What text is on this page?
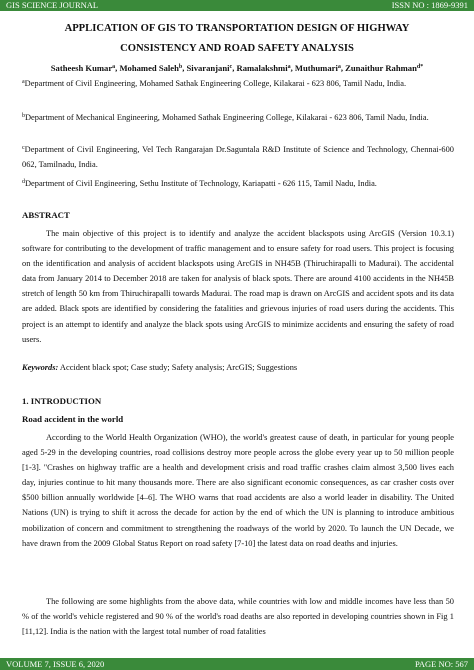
GIS SCIENCE JOURNAL	ISSN NO : 1869-9391
APPLICATION OF GIS TO TRANSPORTATION DESIGN OF HIGHWAY
CONSISTENCY AND ROAD SAFETY ANALYSIS
Satheesh Kumar$^a$, Mohamed Saleh$^b$, Sivaranjani$^c$, Ramalakshmi$^a$, Muthumari$^a$, Zunaithur Rahman$^{d*}$
$^a$Department of Civil Engineering, Mohamed Sathak Engineering College, Kilakarai - 623 806, Tamil Nadu, India.
$^b$Department of Mechanical Engineering, Mohamed Sathak Engineering College, Kilakarai - 623 806, Tamil Nadu, India.
$^c$Department of Civil Engineering, Vel Tech Rangarajan Dr.Saguntala R&D Institute of Science and Technology, Chennai-600 062, Tamilnadu, India.
$^d$Department of Civil Engineering, Sethu Institute of Technology, Kariapatti - 626 115, Tamil Nadu, India.
ABSTRACT
The main objective of this project is to identify and analyze the accident blackspots using ArcGIS (Version 10.3.1) software for contributing to the development of traffic management and to ensure safety for road users. This project is focusing on the identification and analysis of accident blackspots using ArcGIS in NH45B (Thiruchirapalli to Madurai). The accidental data from January 2014 to December 2018 are taken for analysis of black spots. There are around 4100 accidents in the NH45B stretch of length 50 km from Thiruchirapalli towards Madurai. The road map is drawn on ArcGIS and accident spots and its data are added. Black spots are identified by considering the fatalities and grievous injuries of road users during the accidents. This project is an attempt to identify and analyze the black spots using ArcGIS to minimize accidents and ensuring the safety of road users.
Keywords: Accident black spot; Case study; Safety analysis; ArcGIS; Suggestions
1. INTRODUCTION
Road accident in the world
According to the World Health Organization (WHO), the world's greatest cause of death, in particular for young people aged 5-29 in the developing countries, road collisions destroy more people across the globe every year up to 50 million people [1-3]. "Crashes on highway traffic are a health and development crisis and road traffic crashes claim almost 3,500 lives each day, injuries continue to hit many thousands more. There are also significant economic consequences, as car crasher costs over $500 billion annually worldwide [4–6]. The WHO warns that road accidents are also a world leader in disability. The United Nations (UN) is trying to shift it across the decade for action by the end of which the UN is planning to introduce ambitious mobilization of concern and commitment to strengthening the roadways of the world by 2020. To launch the UN Decade, we have drawn from the 2009 Global Status Report on road safety [7-10] the latest data on road deaths and injuries.
The following are some highlights from the above data, while countries with low and middle incomes have less than 50 % of the world's vehicle registered and 90 % of the world's road deaths are also reported in developing countries shown in Fig 1 [11,12]. India is the nation with the largest total number of road fatalities
VOLUME 7, ISSUE 6, 2020	PAGE NO: 567
